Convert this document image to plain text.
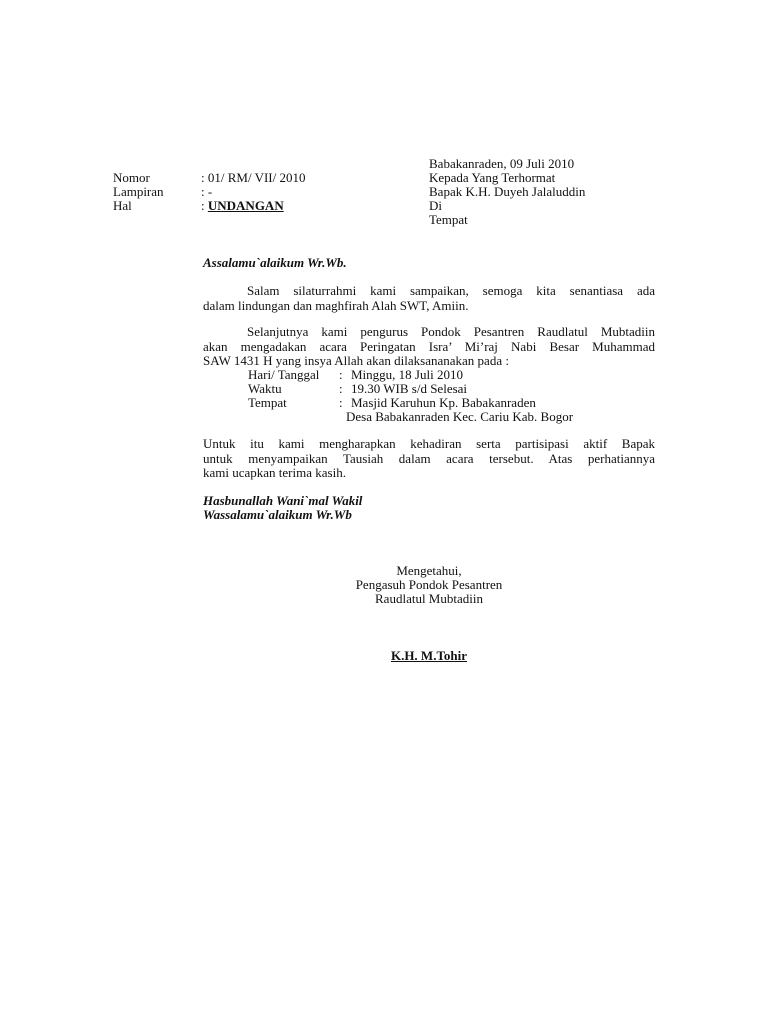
Babakanraden, 09 Juli 2010
Kepada Yang Terhormat
Bapak K.H. Duyeh Jalaluddin
Di
Tempat
Nomor	: 01/ RM/ VII/ 2010
Lampiran	: -
Hal	: UNDANGAN
Assalamu`alaikum Wr.Wb.
Salam silaturrahmi kami sampaikan, semoga kita senantiasa ada
dalam lindungan dan maghfirah Alah SWT, Amiin.
Selanjutnya kami pengurus Pondok Pesantren Raudlatul Mubtadiin
akan mengadakan acara Peringatan Isra’ Mi’raj Nabi Besar Muhammad
SAW 1431 H yang insya Allah akan dilaksananakan pada :
Hari/ Tanggal : Minggu, 18 Juli 2010
Waktu	: 19.30 WIB s/d Selesai
Tempat	: Masjid Karuhun Kp. Babakanraden
Desa Babakanraden Kec. Cariu Kab. Bogor
Untuk itu kami mengharapkan kehadiran serta partisipasi aktif Bapak
untuk menyampaikan Tausiah dalam acara tersebut. Atas perhatiannya
kami ucapkan terima kasih.
Hasbunallah Wani`mal Wakil
Wassalamu`alaikum Wr.Wb
Mengetahui,
Pengasuh Pondok Pesantren
Raudlatul Mubtadiin
K.H. M.Tohir
